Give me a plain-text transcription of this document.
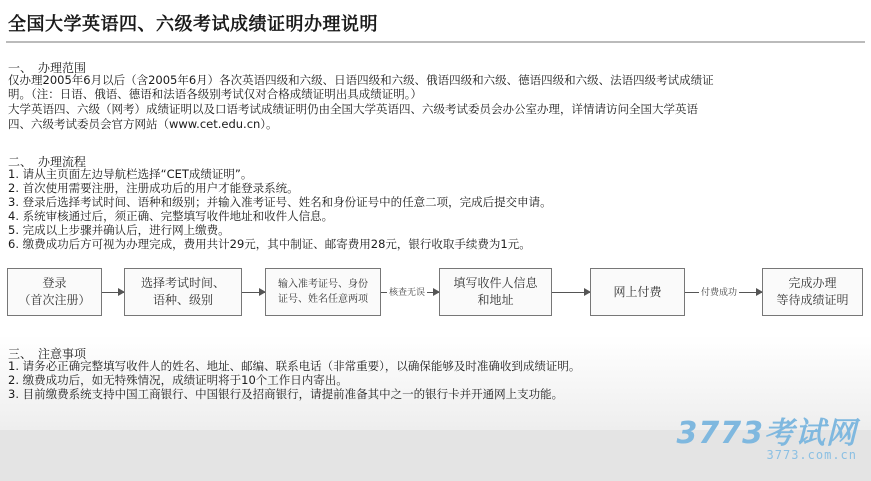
全国大学英语四、六级考试成绩证明办理说明
一、 办理范围
仅办理2005年6月以后（含2005年6月）各次英语四级和六级、日语四级和六级、俄语四级和六级、德语四级和六级、法语四级考试成绩证
明。（注：日语、俄语、德语和法语各级别考试仅对合格成绩证明出具成绩证明。）
大学英语四、六级（网考）成绩证明以及口语考试成绩证明仍由全国大学英语四、六级考试委员会办公室办理，详情请访问全国大学英语
四、六级考试委员会官方网站（www.cet.edu.cn）。
二、 办理流程
1. 请从主页面左边导航栏选择“CET成绩证明”。
2. 首次使用需要注册，注册成功后的用户才能登录系统。
3. 登录后选择考试时间、语种和级别；并输入准考证号、姓名和身份证号中的任意二项，完成后提交申请。
4. 系统审核通过后，须正确、完整填写收件地址和收件人信息。
5. 完成以上步骤并确认后，进行网上缴费。
6. 缴费成功后方可视为办理完成，费用共计29元，其中制证、邮寄费用28元，银行收取手续费为1元。
登录
（首次注册）
选择考试时间、
语种、级别
输入准考证号、身份
证号、姓名任意两项
核查无误
填写收件人信息
和地址
网上付费	付费成功
完成办理
等待成绩证明
三、 注意事项
1. 请务必正确完整填写收件人的姓名、地址、邮编、联系电话（非常重要），以确保能够及时准确收到成绩证明。
2. 缴费成功后，如无特殊情况，成绩证明将于10个工作日内寄出。
3. 目前缴费系统支持中国工商银行、中国银行及招商银行，请提前准备其中之一的银行卡并开通网上支功能。
3773考试网
3773.com.cn
